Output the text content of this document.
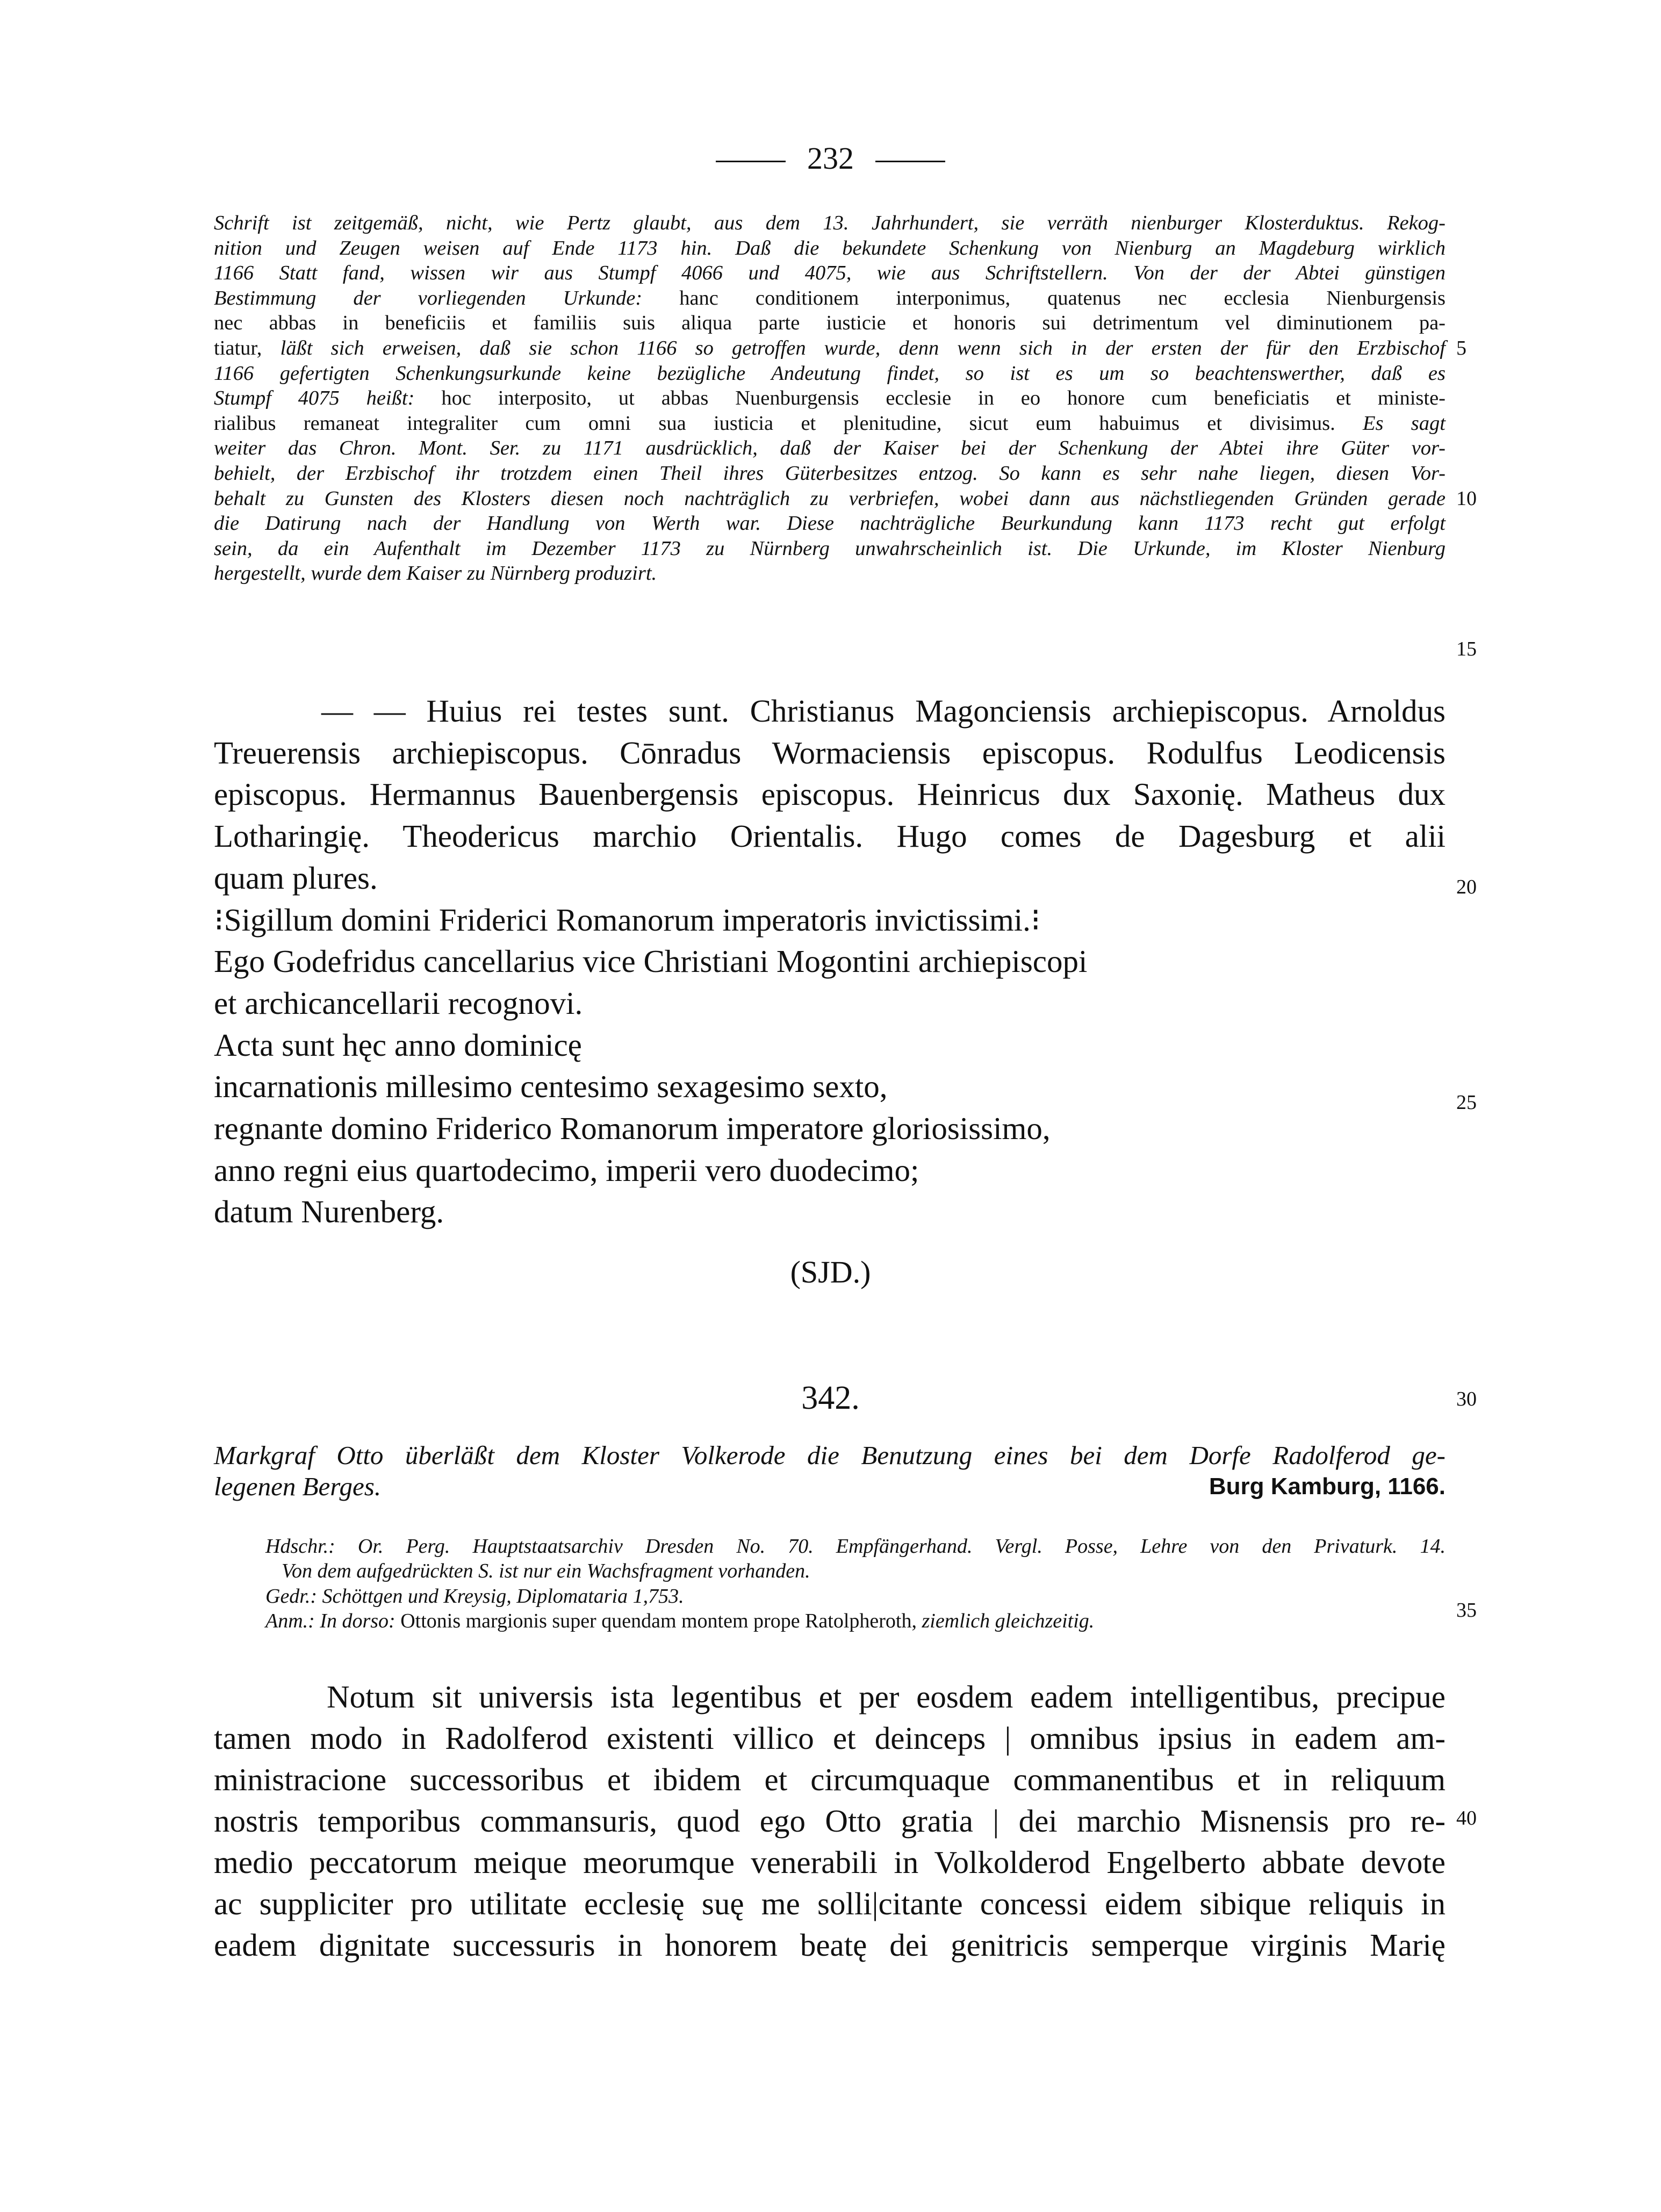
232
Schrift ist zeitgemäß, nicht, wie Pertz glaubt, aus dem 13. Jahrhundert, sie verräth nienburger Klosterduktus. Rekog-
nition und Zeugen weisen auf Ende 1173 hin. Daß die bekundete Schenkung von Nienburg an Magdeburg wirklich
1166 Statt fand, wissen wir aus Stumpf 4066 und 4075, wie aus Schriftstellern. Von der der Abtei günstigen
Bestimmung der vorliegenden Urkunde: hanc conditionem interponimus, quatenus nec ecclesia Nienburgensis
nec abbas in beneficiis et familiis suis aliqua parte iusticie et honoris sui detrimentum vel diminutionem pa-
tiatur, läßt sich erweisen, daß sie schon 1166 so getroffen wurde, denn wenn sich in der ersten der für den Erzbischof
1166 gefertigten Schenkungsurkunde keine bezügliche Andeutung findet, so ist es um so beachtenswerther, daß es
Stumpf 4075 heißt: hoc interposito, ut abbas Nuenburgensis ecclesie in eo honore cum beneficiatis et ministe-
rialibus remaneat integraliter cum omni sua iusticia et plenitudine, sicut eum habuimus et divisimus. Es sagt
weiter das Chron. Mont. Ser. zu 1171 ausdrücklich, daß der Kaiser bei der Schenkung der Abtei ihre Güter vor-
behielt, der Erzbischof ihr trotzdem einen Theil ihres Güterbesitzes entzog. So kann es sehr nahe liegen, diesen Vor-
behalt zu Gunsten des Klosters diesen noch nachträglich zu verbriefen, wobei dann aus nächstliegenden Gründen gerade
die Datirung nach der Handlung von Werth war. Diese nachträgliche Beurkundung kann 1173 recht gut erfolgt
sein, da ein Aufenthalt im Dezember 1173 zu Nürnberg unwahrscheinlich ist. Die Urkunde, im Kloster Nienburg
hergestellt, wurde dem Kaiser zu Nürnberg produzirt.
— — Huius rei testes sunt. Christianus Magonciensis archiepiscopus. Arnoldus
Treuerensis archiepiscopus. Cōnradus Wormaciensis episcopus. Rodulfus Leodicensis
episcopus. Hermannus Bauenbergensis episcopus. Heinricus dux Saxonię. Matheus dux
Lotharingię. Theodericus marchio Orientalis. Hugo comes de Dagesburg et alii
quam plures.
⁝Sigillum domini Friderici Romanorum imperatoris invictissimi.⁝
Ego Godefridus cancellarius vice Christiani Mogontini archiepiscopi
et archicancellarii recognovi.
Acta sunt hęc anno dominicę
incarnationis millesimo centesimo sexagesimo sexto,
regnante domino Friderico Romanorum imperatore gloriosissimo,
anno regni eius quartodecimo, imperii vero duodecimo;
datum Nurenberg.
(SJD.)
342.
Markgraf Otto überläßt dem Kloster Volkerode die Benutzung eines bei dem Dorfe Radolferod ge-
legenen Berges.	Burg Kamburg, 1166.
Hdschr.: Or. Perg. Hauptstaatsarchiv Dresden No. 70. Empfängerhand. Vergl. Posse, Lehre von den Privaturk. 14.
Von dem aufgedrückten S. ist nur ein Wachsfragment vorhanden.
Gedr.: Schöttgen und Kreysig, Diplomataria 1,753.
Anm.: In dorso: Ottonis margionis super quendam montem prope Ratolpheroth, ziemlich gleichzeitig.
Notum sit universis ista legentibus et per eosdem eadem intelligentibus, precipue
tamen modo in Radolferod existenti villico et deinceps | omnibus ipsius in eadem am-
ministracione successoribus et ibidem et circumquaque commanentibus et in reliquum
nostris temporibus commansuris, quod ego Otto gratia | dei marchio Misnensis pro re-
medio peccatorum meique meorumque venerabili in Volkolderod Engelberto abbate devote
ac suppliciter pro utilitate ecclesię suę me solli|citante concessi eidem sibique reliquis in
eadem dignitate successuris in honorem beatę dei genitricis semperque virginis Marię
5
10
15
20
25
30
35
40
